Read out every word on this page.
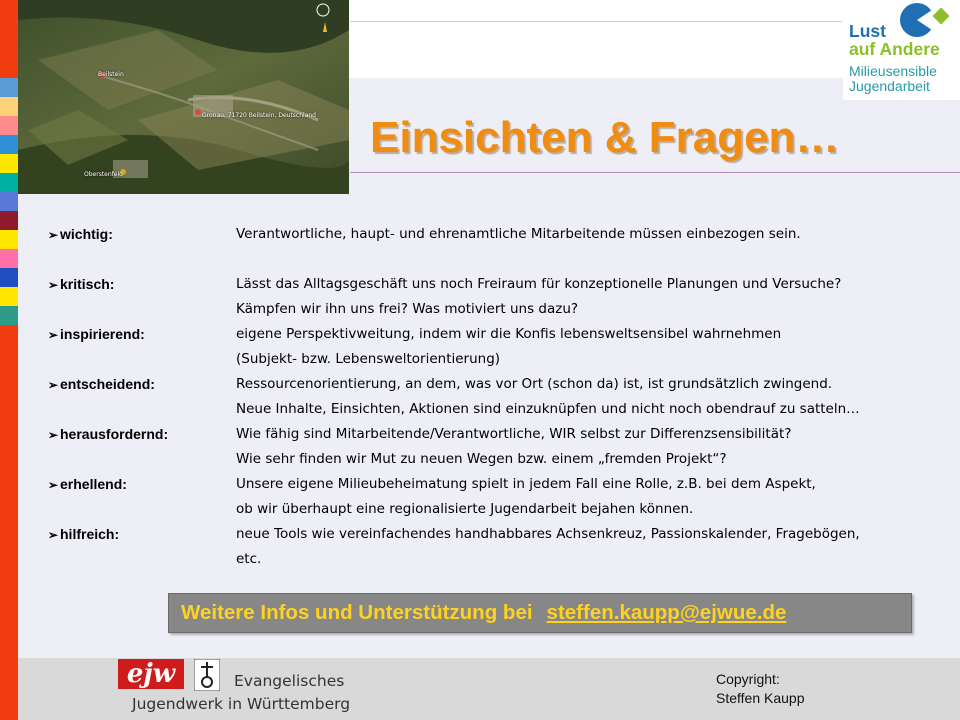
Beilstein
Gronau, 71720 Beilstein, Deutschland
Oberstenfeld
Lust
auf Andere
Milieusensible
Jugendarbeit
Einsichten & Fragen…
➢ wichtig:	Verantwortliche, haupt- und ehrenamtliche Mitarbeitende müssen einbezogen sein.
➢ kritisch:	Lässt das Alltagsgeschäft uns noch Freiraum für konzeptionelle Planungen und Versuche?
Kämpfen wir ihn uns frei? Was motiviert uns dazu?
➢ inspirierend:	eigene Perspektivweitung, indem wir die Konfis lebensweltsensibel wahrnehmen
(Subjekt- bzw. Lebensweltorientierung)
➢ entscheidend:	Ressourcenorientierung, an dem, was vor Ort (schon da) ist, ist grundsätzlich zwingend.
Neue Inhalte, Einsichten, Aktionen sind einzuknüpfen und nicht noch obendrauf zu satteln…
➢ herausfordernd:	Wie fähig sind Mitarbeitende/Verantwortliche, WIR selbst zur Differenzsensibilität?
Wie sehr finden wir Mut zu neuen Wegen bzw. einem „fremden Projekt“?
➢ erhellend:	Unsere eigene Milieubeheimatung spielt in jedem Fall eine Rolle, z.B. bei dem Aspekt,
ob wir überhaupt eine regionalisierte Jugendarbeit bejahen können.
➢ hilfreich:	neue Tools wie vereinfachendes handhabbares Achsenkreuz, Passionskalender, Fragebögen,
etc.
Weitere Infos und Unterstützung bei steffen.kaupp@ejwue.de
ejw	Evangelisches
Jugendwerk in Württemberg
Copyright:
Steffen Kaupp
